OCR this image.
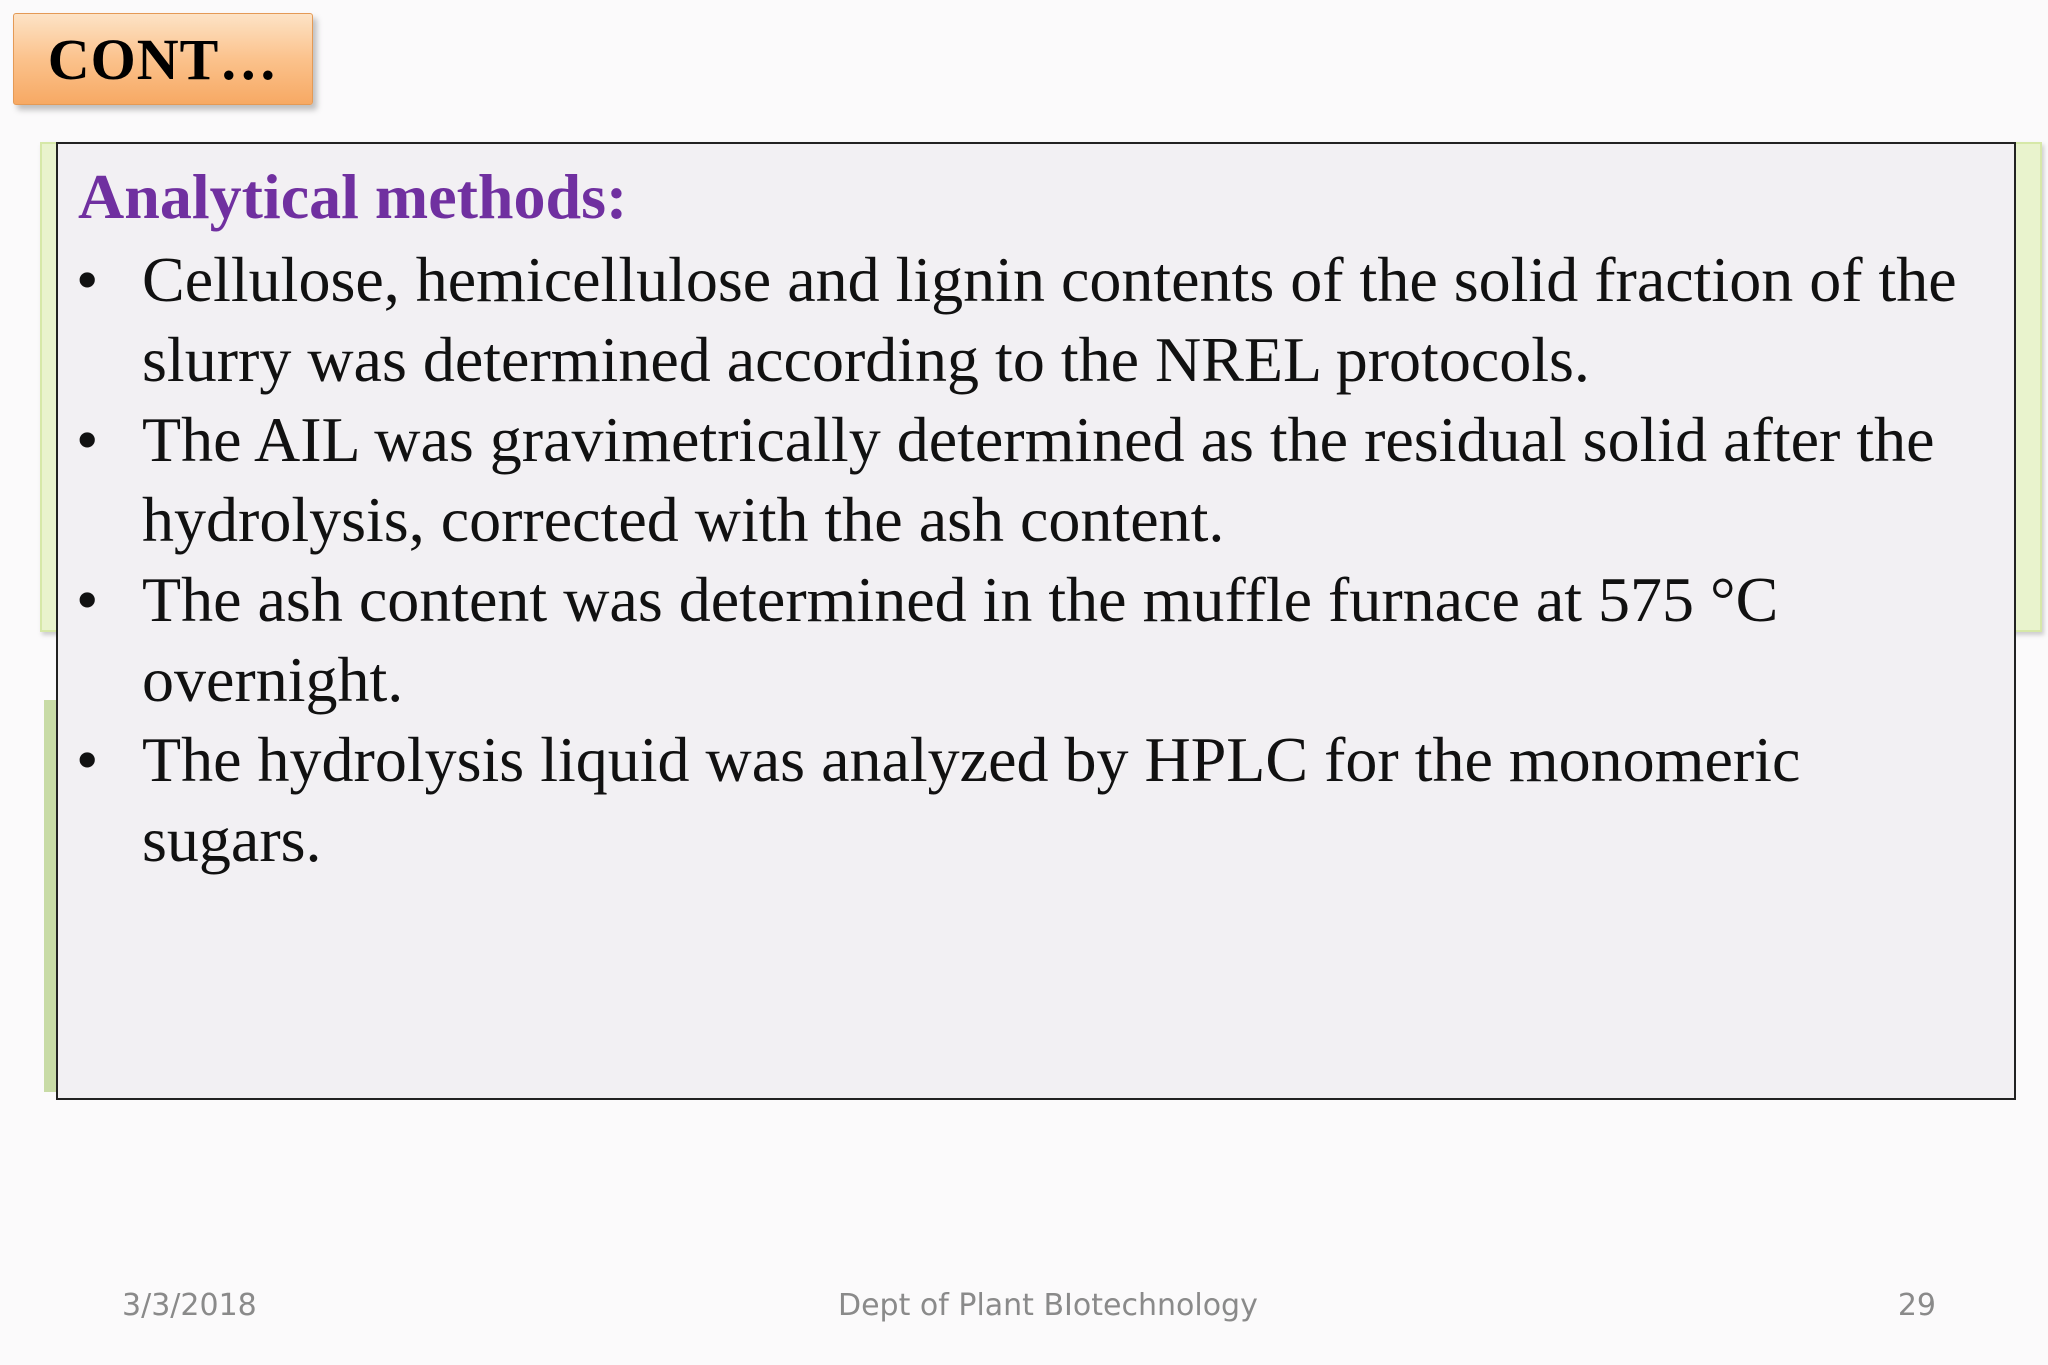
CONT…
Analytical methods:
• Cellulose, hemicellulose and lignin contents of the solid fraction of the slurry was determined according to the NREL protocols.
• The AIL was gravimetrically determined as the residual solid after the hydrolysis, corrected with the ash content.
• The ash content was determined in the muffle furnace at 575 °C overnight.
• The hydrolysis liquid was analyzed by HPLC for the monomeric sugars.
3/3/2018	Dept of Plant BIotechnology	29
